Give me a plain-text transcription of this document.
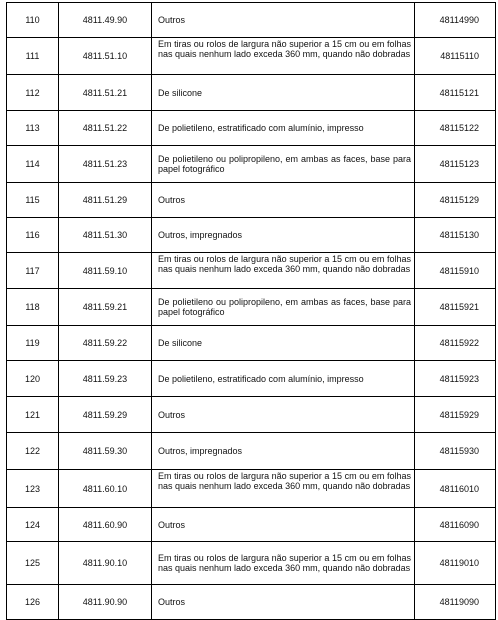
110	4811.49.90	Outros	48114990
111	4811.51.10	Em tiras ou rolos de largura não superior a 15 cm ou em folhas nas quais nenhum lado exceda 360 mm, quando não dobradas	48115110
112	4811.51.21	De silicone	48115121
113	4811.51.22	De polietileno, estratificado com alumínio, impresso	48115122
114	4811.51.23	De polietileno ou polipropileno, em ambas as faces, base para papel fotográfico	48115123
115	4811.51.29	Outros	48115129
116	4811.51.30	Outros, impregnados	48115130
117	4811.59.10	Em tiras ou rolos de largura não superior a 15 cm ou em folhas nas quais nenhum lado exceda 360 mm, quando não dobradas	48115910
118	4811.59.21	De polietileno ou polipropileno, em ambas as faces, base para papel fotográfico	48115921
119	4811.59.22	De silicone	48115922
120	4811.59.23	De polietileno, estratificado com alumínio, impresso	48115923
121	4811.59.29	Outros	48115929
122	4811.59.30	Outros, impregnados	48115930
123	4811.60.10	Em tiras ou rolos de largura não superior a 15 cm ou em folhas nas quais nenhum lado exceda 360 mm, quando não dobradas	48116010
124	4811.60.90	Outros	48116090
125	4811.90.10	Em tiras ou rolos de largura não superior a 15 cm ou em folhas nas quais nenhum lado exceda 360 mm, quando não dobradas	48119010
126	4811.90.90	Outros	48119090
